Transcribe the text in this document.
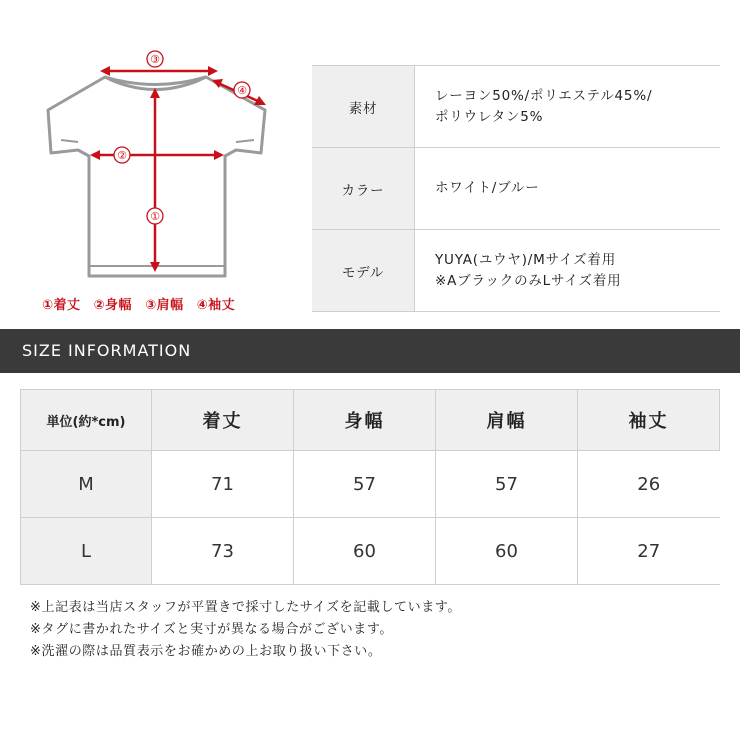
③
④
②
①
①着丈 ②身幅 ③肩幅 ④袖丈
素材	レーヨン50%/ポリエステル45%/
ポリウレタン5%

カラー	ホワイト/ブルー

モデル	YUYA(ユウヤ)/Mサイズ着用
※AブラックのみLサイズ着用
SIZE INFORMATION
単位(約*cm)	着丈	身幅	肩幅	袖丈
M	71	57	57	26
L	73	60	60	27
※上記表は当店スタッフが平置きで採寸したサイズを記載しています。
※タグに書かれたサイズと実寸が異なる場合がございます。
※洗濯の際は品質表示をお確かめの上お取り扱い下さい。
